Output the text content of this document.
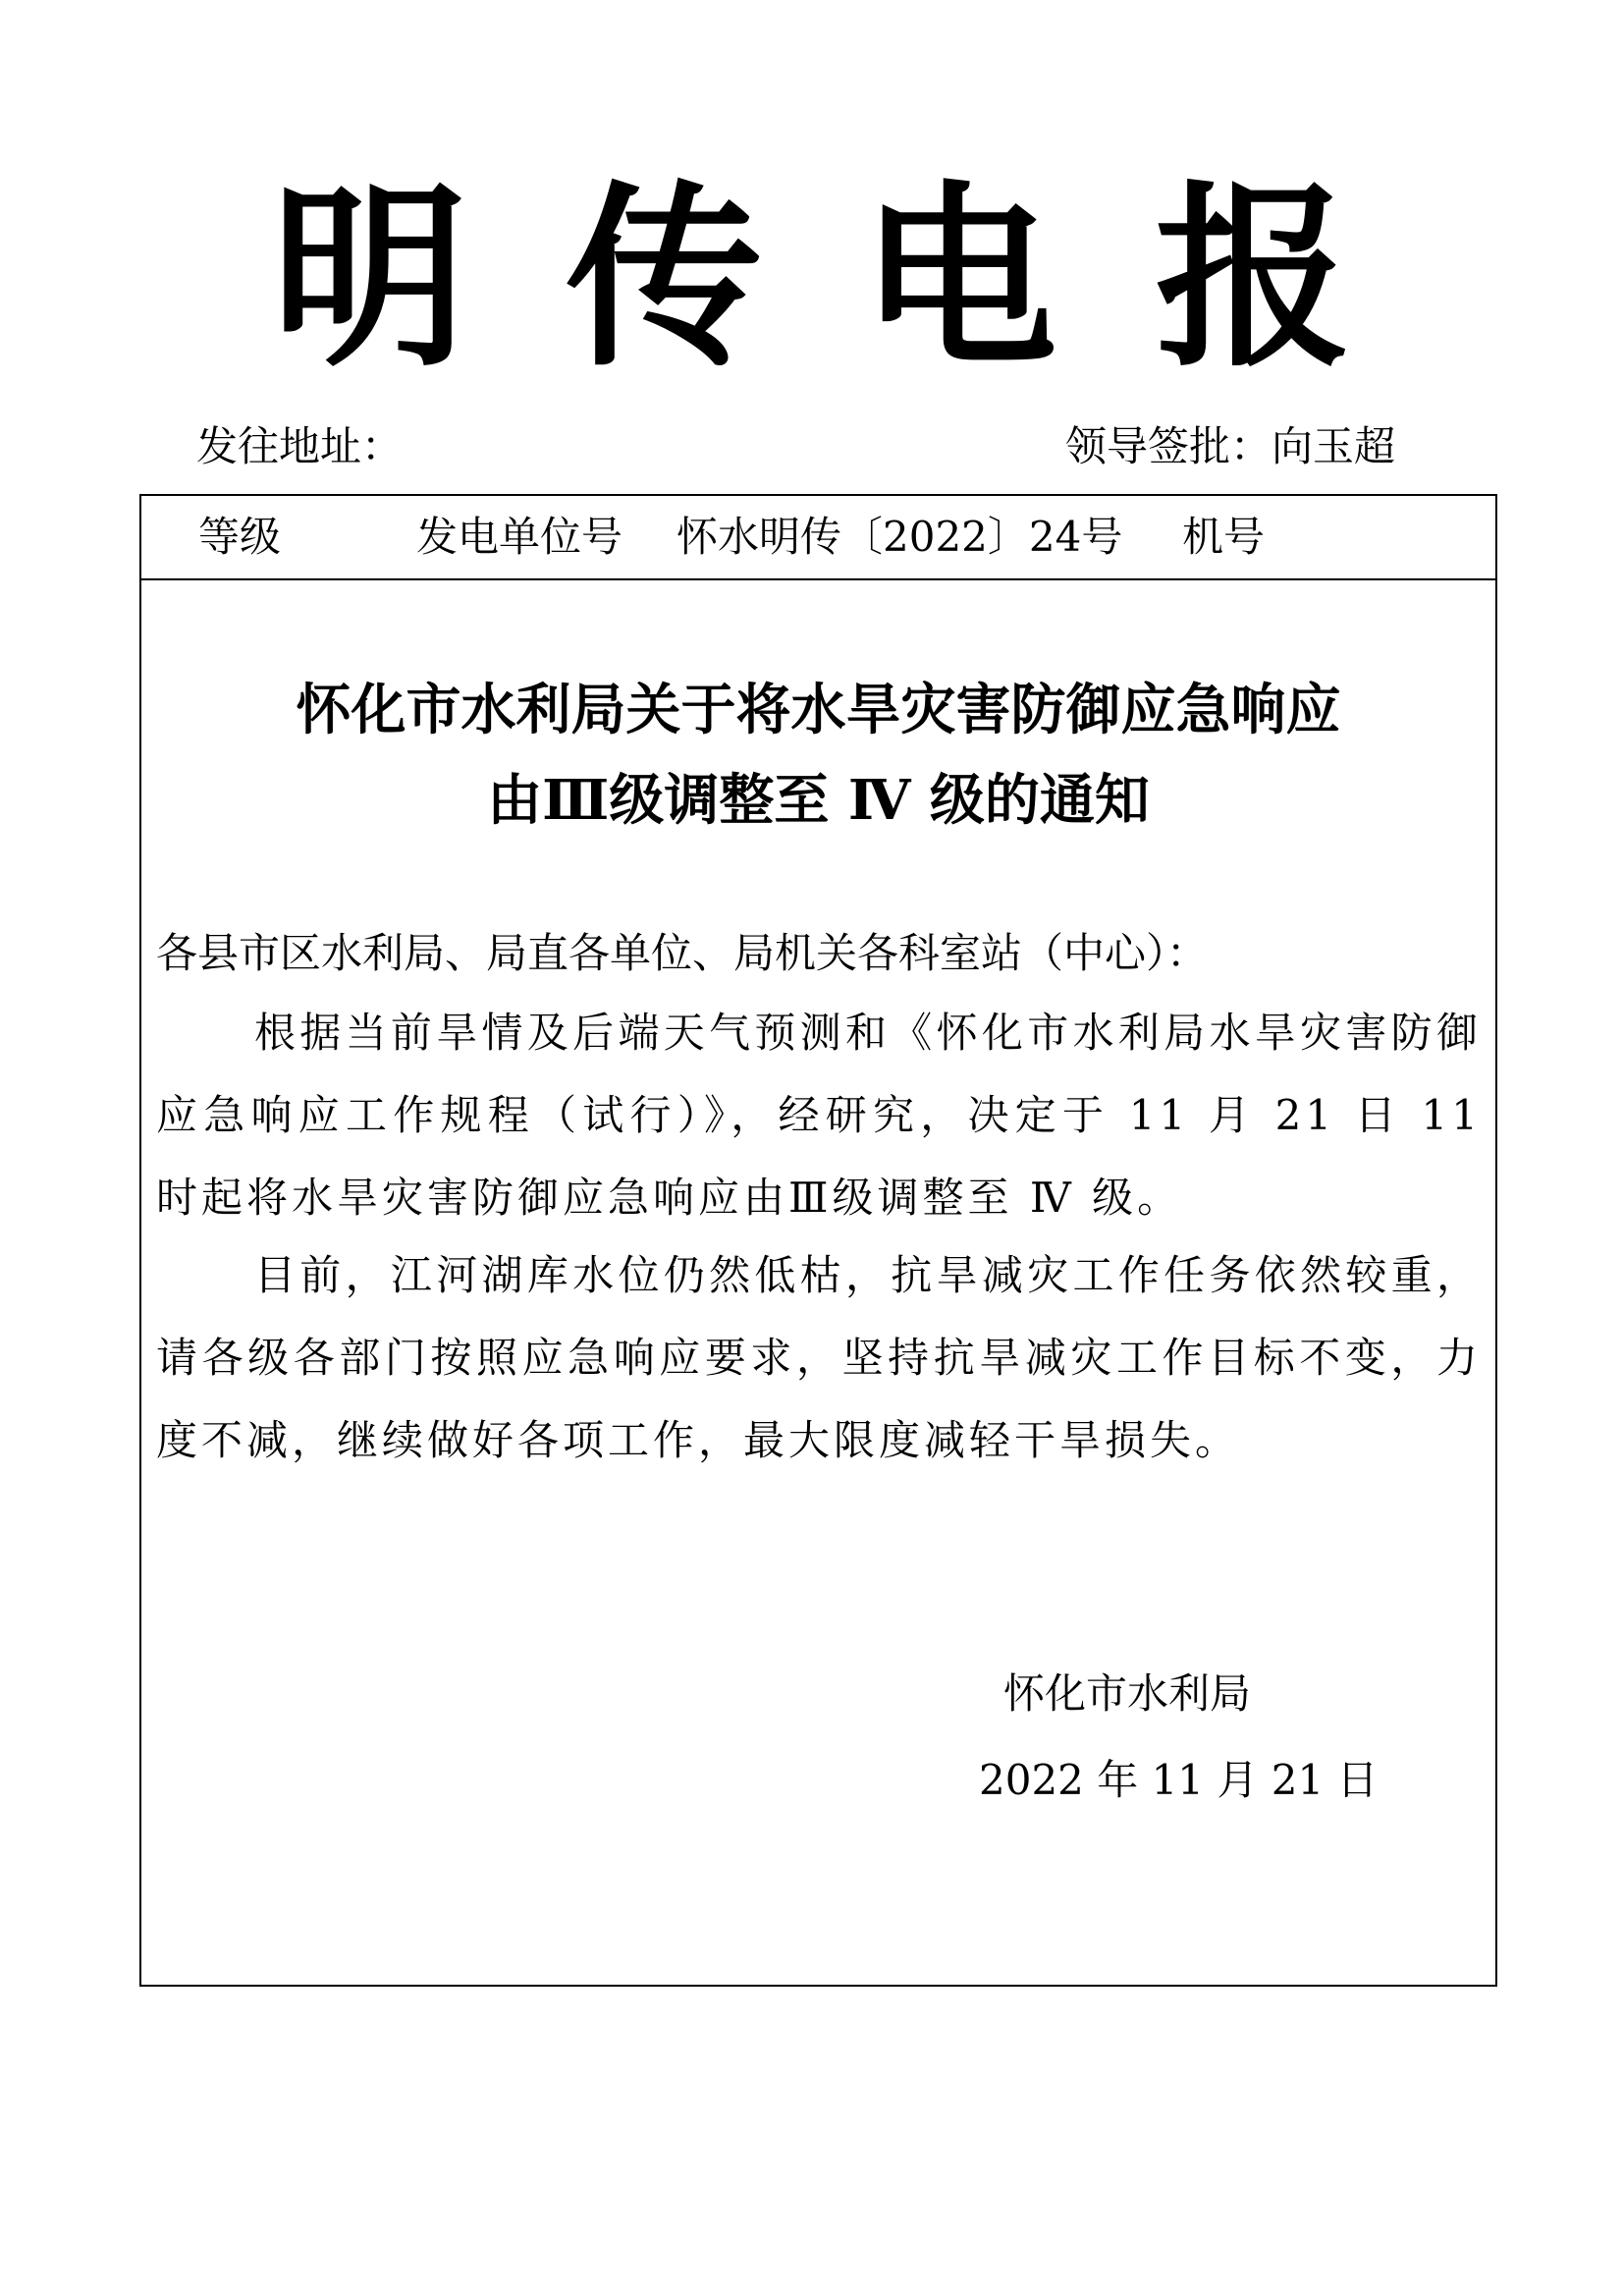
明传电报
发往地址：	领导签批：向玉超
等级	发电单位号 怀水明传〔2022〕24号 机号
怀化市水利局关于将水旱灾害防御应急响应
由Ⅲ级调整至 Ⅳ 级的通知
各县市区水利局、局直各单位、局机关各科室站（中心）：
根据当前旱情及后端天气预测和《怀化市水利局水旱灾害防御应急响应工作规程（试行）》，经研究，决定于 11 月 21 日 11 时起将水旱灾害防御应急响应由Ⅲ级调整至 Ⅳ 级。
目前，江河湖库水位仍然低枯，抗旱减灾工作任务依然较重，请各级各部门按照应急响应要求，坚持抗旱减灾工作目标不变，力度不减，继续做好各项工作，最大限度减轻干旱损失。
怀化市水利局
2022 年 11 月 21 日
